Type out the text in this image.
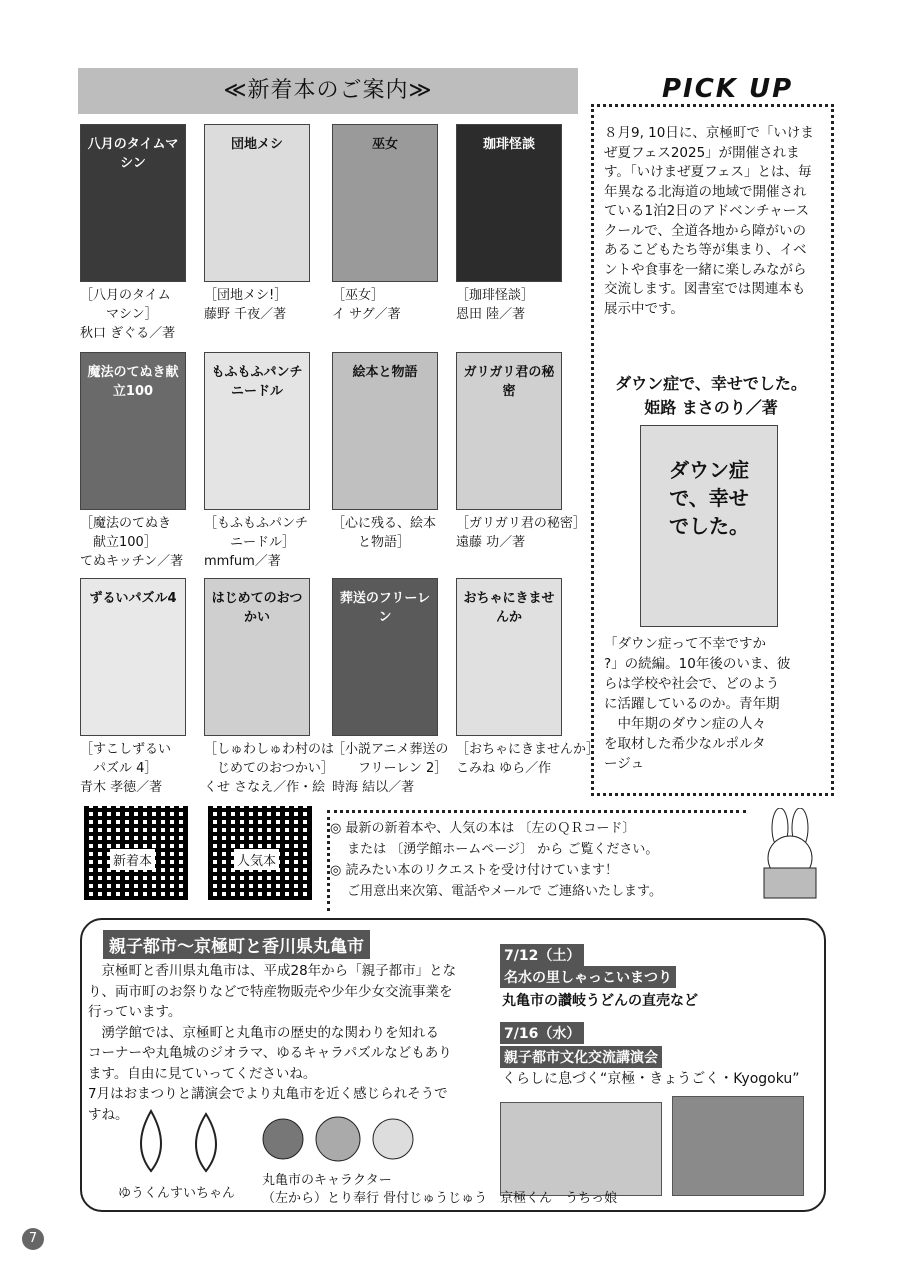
≪新着本のご案内≫
八月のタイムマシン
［八月のタイム
　　マシン］
秋口 ぎぐる／著
団地メシ
［団地メシ!］
藤野 千夜／著
巫女
［巫女］
イ サグ／著
珈琲怪談
［珈琲怪談］
恩田 陸／著
魔法のてぬき献立100
［魔法のてぬき
　献立100］
てぬキッチン／著
もふもふパンチニードル
［もふもふパンチ
　　ニードル］
mmfum／著
絵本と物語
［心に残る、絵本
　　と物語］
ガリガリ君の秘密
［ガリガリ君の秘密］
遠藤 功／著
ずるいパズル4
［すこしずるい
　パズル 4］
青木 孝徳／著
はじめてのおつかい
［しゅわしゅわ村のは
　じめてのおつかい］
くせ さなえ／作・絵
葬送のフリーレン
［小説アニメ葬送の
　　フリーレン 2］
時海 結以／著
おちゃにきませんか
［おちゃにきませんか］
こみね ゆら／作
PICK UP
８月9, 10日に、京極町で「いけまぜ夏フェス2025」が開催されます。「いけまぜ夏フェス」とは、毎年異なる北海道の地域で開催されている1泊2日のアドベンチャースクールで、全道各地から障がいのあるこどもたち等が集まり、イベントや食事を一緒に楽しみながら交流します。図書室では関連本も展示中です。
ダウン症で、幸せでした。
姫路 まさのり／著
ダウン症で、幸せでした。
「ダウン症って不幸ですか
?」の続編。10年後のいま、彼
らは学校や社会で、どのよう
に活躍しているのか。青年期
　中年期のダウン症の人々
を取材した希少なルポルタ
ージュ
新着本	人気本
◎ 最新の新着本や、人気の本は 〔左のＱＲコード〕
　 または 〔湧学館ホームページ〕 から ご覧ください。
◎ 読みたい本のリクエストを受け付けています！
　 ご用意出来次第、電話やメールで ご連絡いたします。
親子都市～京極町と香川県丸亀市
　京極町と香川県丸亀市は、平成28年から「親子都市」とな
り、両市町のお祭りなどで特産物販売や少年少女交流事業を
行っています。
　湧学館では、京極町と丸亀市の歴史的な関わりを知れる
コーナーや丸亀城のジオラマ、ゆるキャラパズルなどもあり
ます。自由に見ていってくださいね。
7月はおまつりと講演会でより丸亀市を近く感じられそうで
すね。
7/12（土）
名水の里しゃっこいまつり
丸亀市の讃岐うどんの直売など
7/16（水）
親子都市文化交流講演会
くらしに息づく“京極・きょうごく・Kyogoku”
ゆうくんすいちゃん
丸亀市のキャラクター
（左から）とり奉行 骨付じゅうじゅう　京極くん　うちっ娘
7
